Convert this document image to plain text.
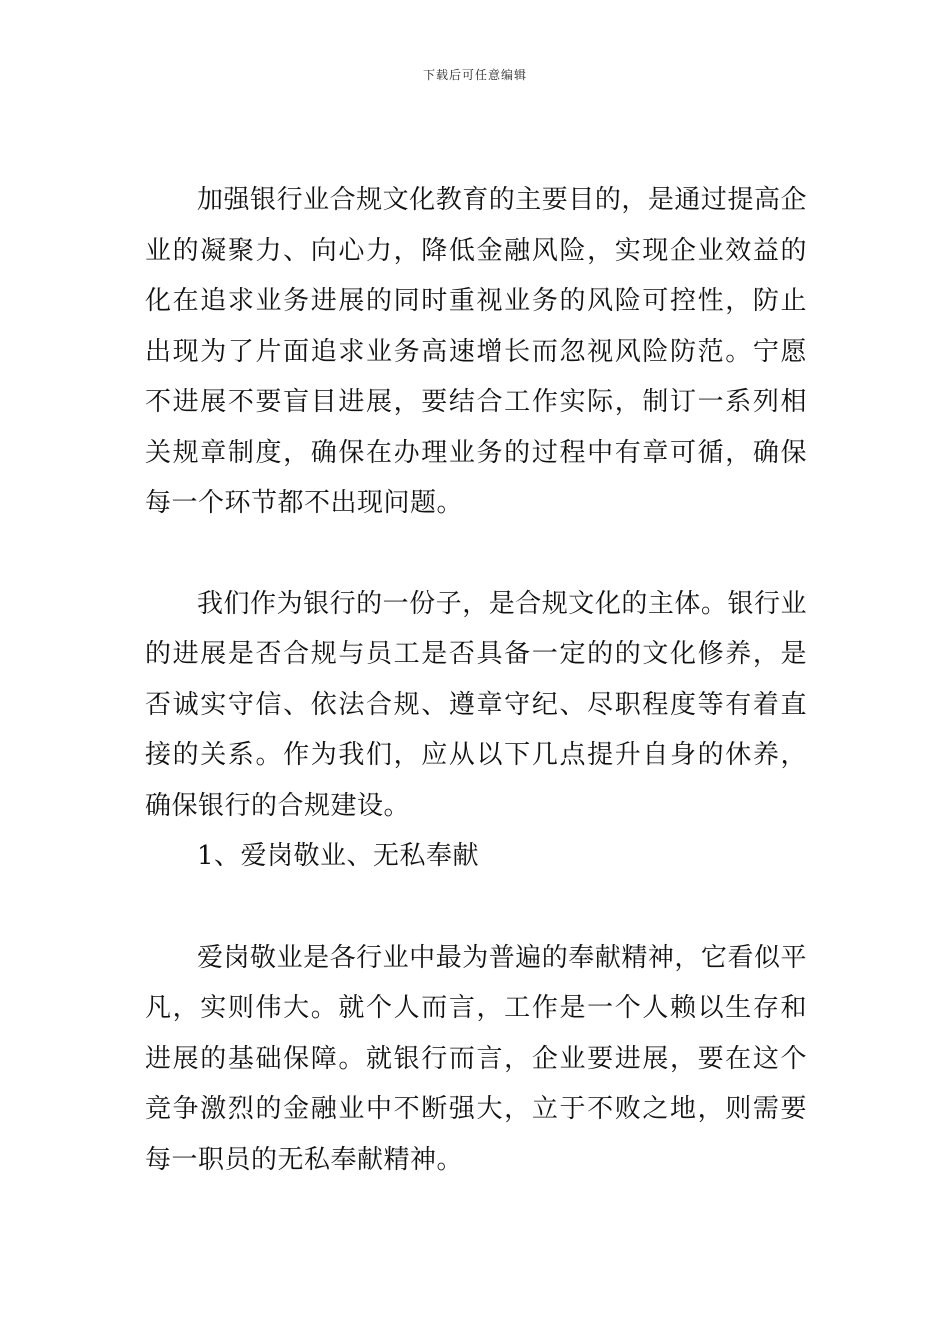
下载后可任意编辑

加强银行业合规文化教育的主要目的，是通过提高企业的凝聚力、向心力，降低金融风险，实现企业效益的化在追求业务进展的同时重视业务的风险可控性，防止出现为了片面追求业务高速增长而忽视风险防范。宁愿不进展不要盲目进展，要结合工作实际，制订一系列相关规章制度，确保在办理业务的过程中有章可循，确保每一个环节都不出现问题。

我们作为银行的一份子，是合规文化的主体。银行业的进展是否合规与员工是否具备一定的的文化修养，是否诚实守信、依法合规、遵章守纪、尽职程度等有着直接的关系。作为我们，应从以下几点提升自身的休养，确保银行的合规建设。

1、爱岗敬业、无私奉献

爱岗敬业是各行业中最为普遍的奉献精神，它看似平凡，实则伟大。就个人而言，工作是一个人赖以生存和进展的基础保障。就银行而言，企业要进展，要在这个竞争激烈的金融业中不断强大，立于不败之地，则需要每一职员的无私奉献精神。
